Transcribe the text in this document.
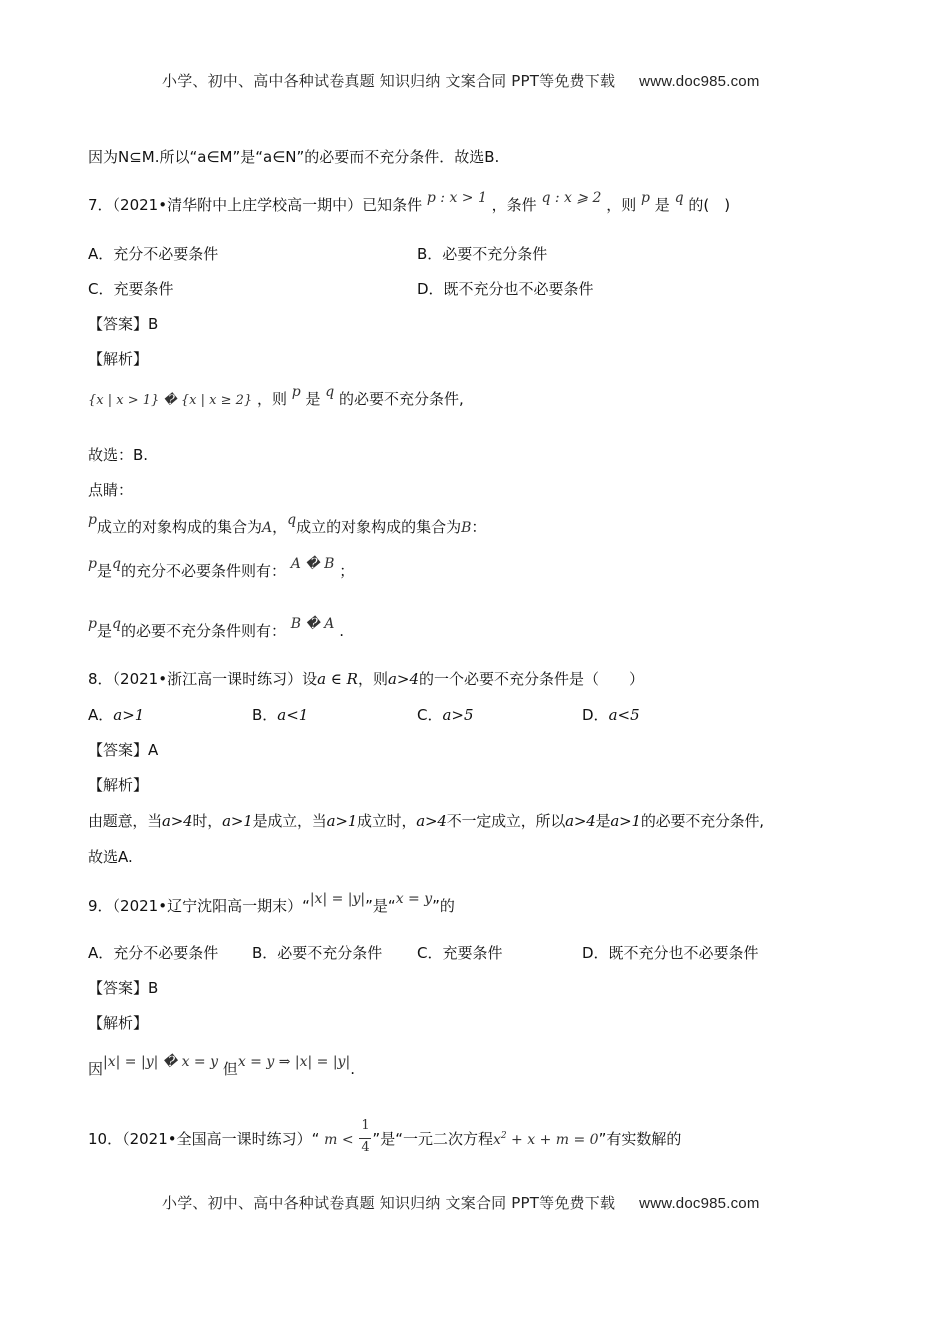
小学、初中、高中各种试卷真题 知识归纳 文案合同 PPT等免费下载 www.doc985.com
因为N⊆M.所以“a∈M”是“a∈N”的必要而不充分条件．故选B.
7．（2021•清华附中上庄学校高一期中）已知条件 p : x > 1 ，条件 q : x ⩾ 2 ，则 p 是 q 的(　)
A．充分不必要条件	B．必要不充分条件
C．充要条件	D．既不充分也不必要条件
【答案】B
【解析】
{x | x > 1} � {x | x ≥ 2} ，则 p 是 q 的必要不充分条件,
故选：B.
点睛：
p成立的对象构成的集合为A，q成立的对象构成的集合为B：
p是q的充分不必要条件则有： A � B ；
p是q的必要不充分条件则有： B � A .
8．（2021•浙江高一课时练习）设a ∈ R，则a>4的一个必要不充分条件是（　　）
A．a>1	B．a<1	C．a>5	D．a<5
【答案】A
【解析】
由题意，当a>4时，a>1是成立，当a>1成立时，a>4不一定成立，所以a>4是a>1的必要不充分条件,
故选A.
9．（2021•辽宁沈阳高一期末）“|x| = |y|”是“x = y”的
A．充分不必要条件 B．必要不充分条件 C．充要条件	D．既不充分也不必要条件
【答案】B
【解析】
因|x| = |y| � x = y 但x = y ⇒ |x| = |y|.
10．（2021•全国高一课时练习）“ $m < \frac{1}{4}$ ”是“一元二次方程$x^2 + x + m = 0$”有实数解的
小学、初中、高中各种试卷真题 知识归纳 文案合同 PPT等免费下载 www.doc985.com
